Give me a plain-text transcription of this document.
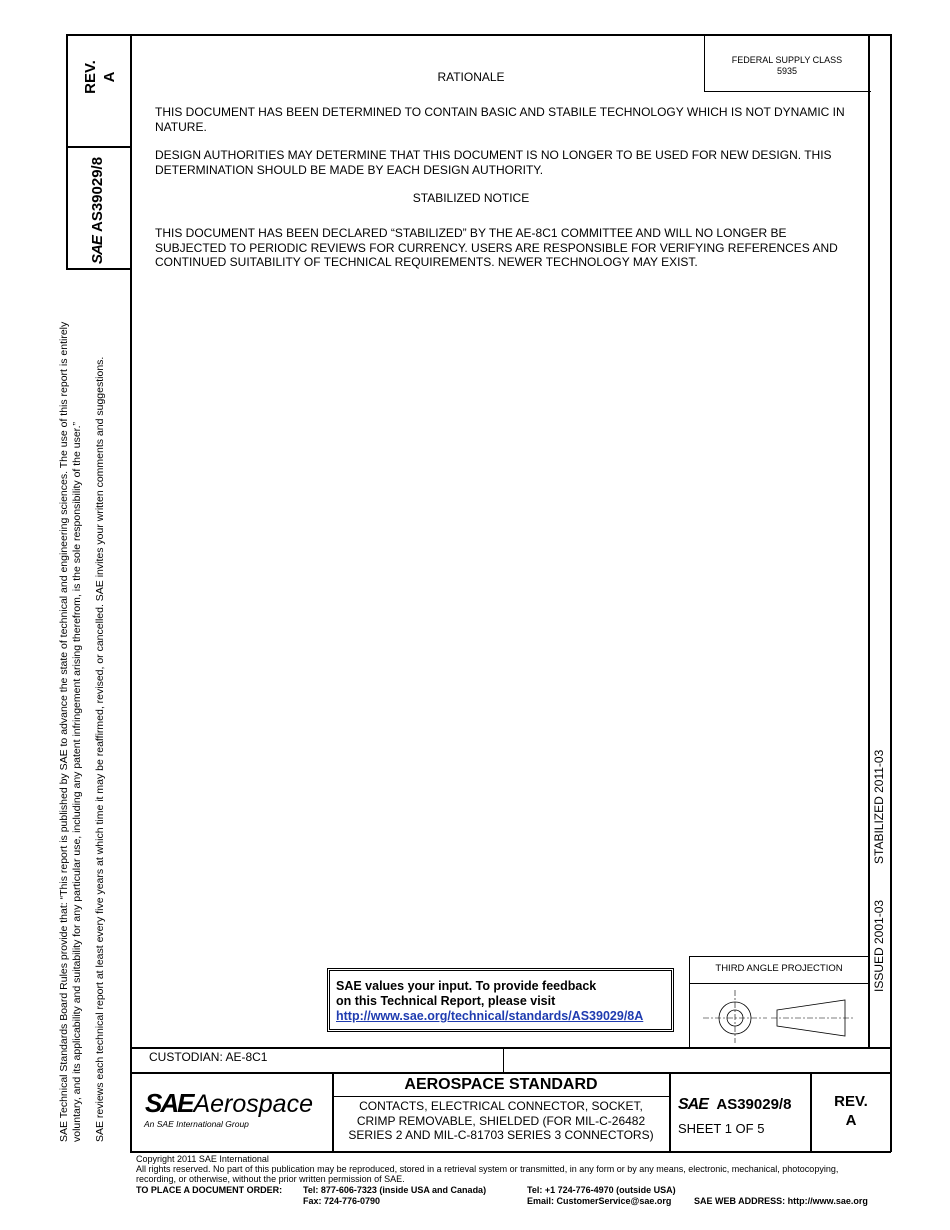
SAE Technical Standards Board Rules provide that: “This report is published by SAE to advance the state of technical and engineering sciences. The use of this report is entirely voluntary, and its applicability and suitability for any particular use, including any patent infringement arising therefrom, is the sole responsibility of the user.” SAE reviews each technical report at least every five years at which time it may be reaffirmed, revised, or cancelled. SAE invites your written comments and suggestions.
REV. A
SAE
AS39029/8
FEDERAL SUPPLY CLASS
5935
RATIONALE
THIS DOCUMENT HAS BEEN DETERMINED TO CONTAIN BASIC AND STABILE TECHNOLOGY WHICH IS NOT DYNAMIC IN NATURE.
DESIGN AUTHORITIES MAY DETERMINE THAT THIS DOCUMENT IS NO LONGER TO BE USED FOR NEW DESIGN. THIS DETERMINATION SHOULD BE MADE BY EACH DESIGN AUTHORITY.
STABILIZED NOTICE
THIS DOCUMENT HAS BEEN DECLARED “STABILIZED” BY THE AE-8C1 COMMITTEE AND WILL NO LONGER BE SUBJECTED TO PERIODIC REVIEWS FOR CURRENCY. USERS ARE RESPONSIBLE FOR VERIFYING REFERENCES AND CONTINUED SUITABILITY OF TECHNICAL REQUIREMENTS. NEWER TECHNOLOGY MAY EXIST.
STABILIZED 2011-03
ISSUED 2001-03
SAE values your input. To provide feedback
on this Technical Report, please visit
http://www.sae.org/technical/standards/AS39029/8A
THIRD ANGLE PROJECTION
CUSTODIAN: AE-8C1
SAEAerospace
An SAE International Group
AEROSPACE STANDARD
CONTACTS, ELECTRICAL CONNECTOR, SOCKET,
CRIMP REMOVABLE, SHIELDED (FOR MIL-C-26482
SERIES 2 AND MIL-C-81703 SERIES 3 CONNECTORS)
SAE AS39029/8
SHEET 1 OF 5
REV.
A
Copyright 2011 SAE International
All rights reserved. No part of this publication may be reproduced, stored in a retrieval system or transmitted, in any form or by any means, electronic, mechanical, photocopying,
recording, or otherwise, without the prior written permission of SAE.
TO PLACE A DOCUMENT ORDER: Tel: 877-606-7323 (inside USA and Canada)
Fax: 724-776-0790
Tel: +1 724-776-4970 (outside USA)
Email: CustomerService@sae.org	SAE WEB ADDRESS: http://www.sae.org
